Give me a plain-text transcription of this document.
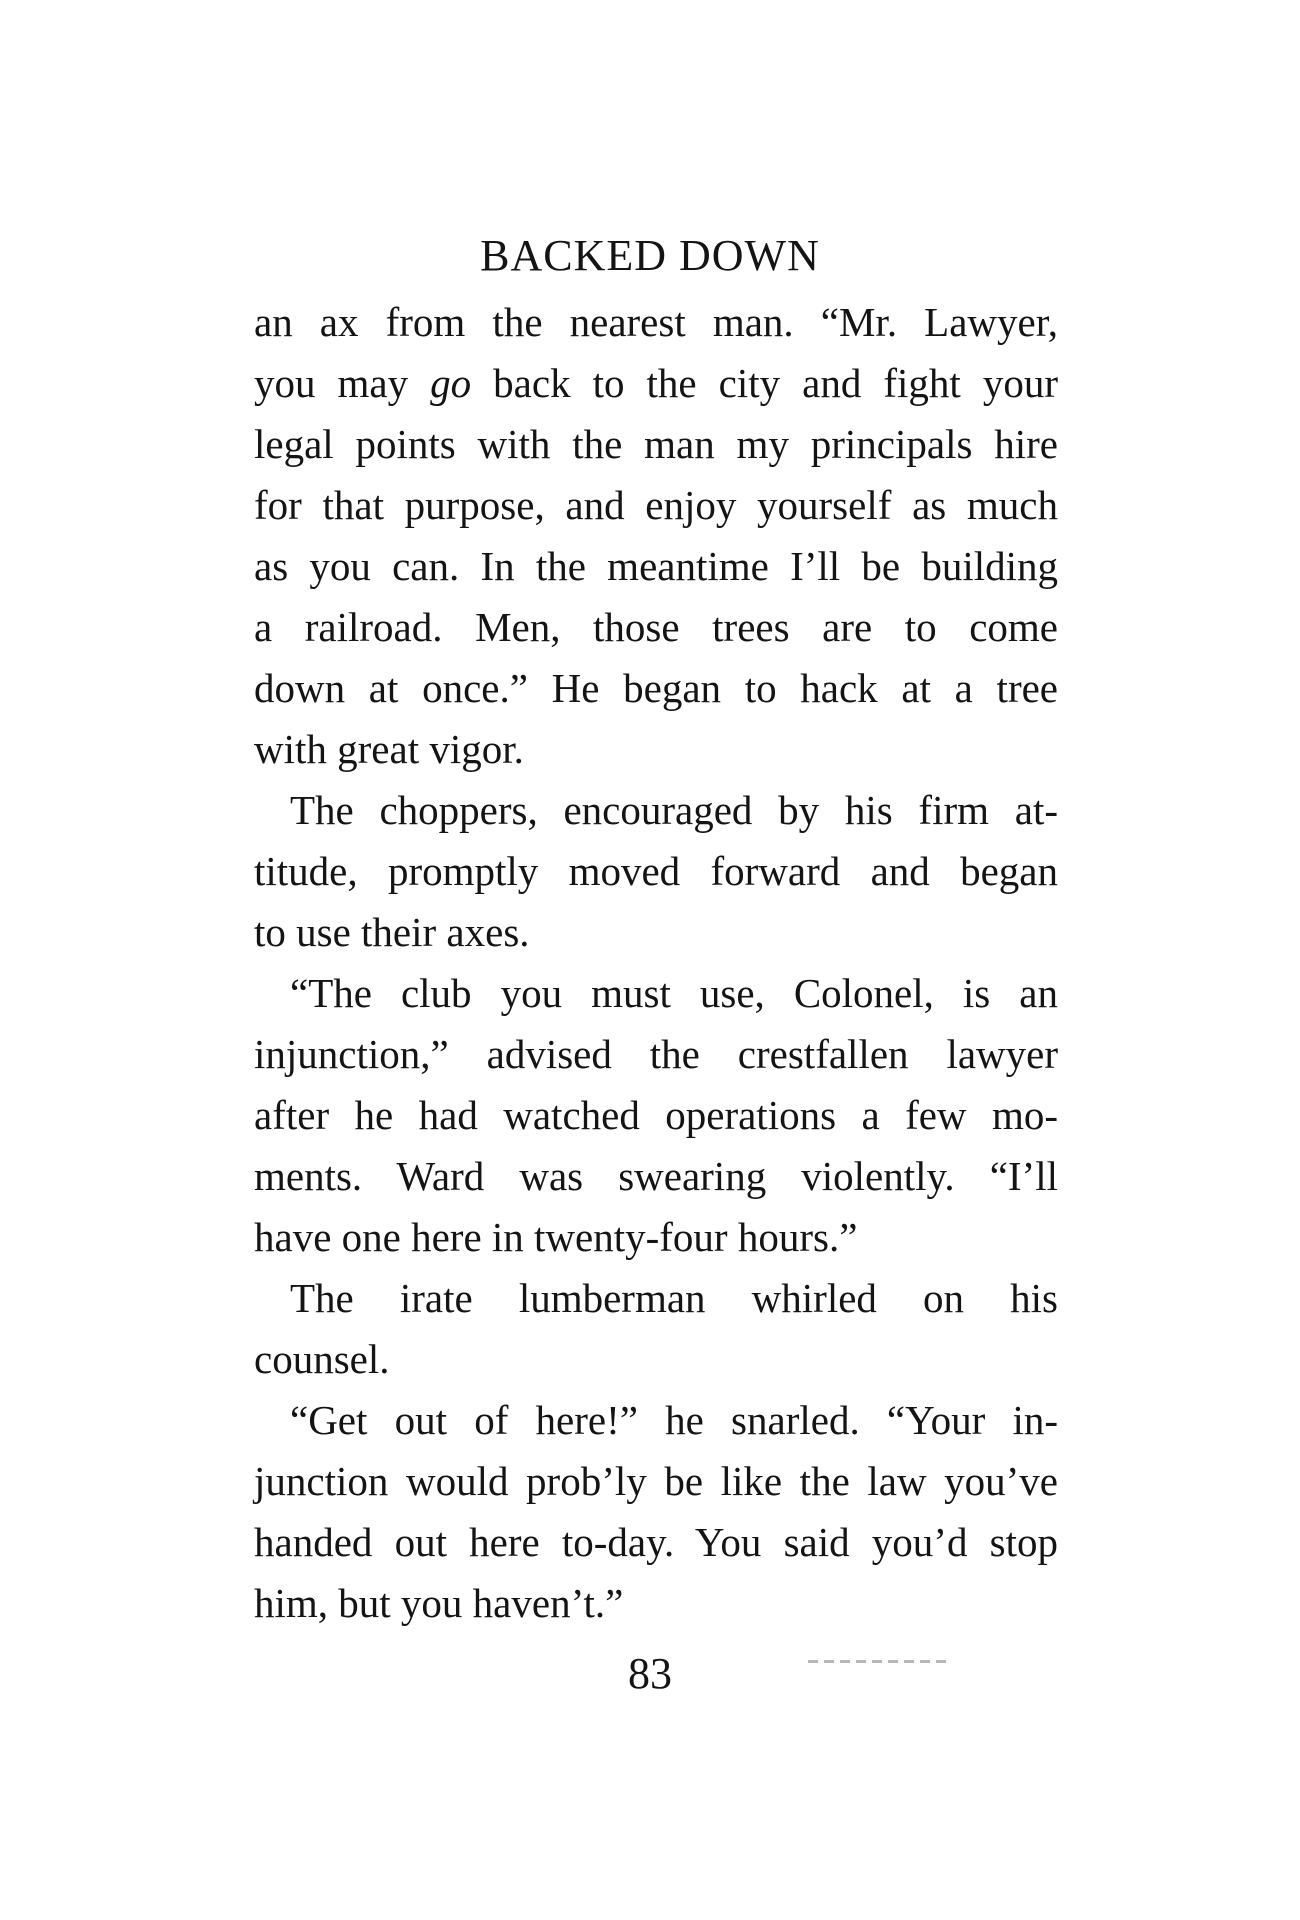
BACKED DOWN
an ax from the nearest man. “Mr. Lawyer,
you may go back to the city and fight your
legal points with the man my principals hire
for that purpose, and enjoy yourself as much
as you can. In the meantime I’ll be building
a railroad. Men, those trees are to come
down at once.” He began to hack at a tree
with great vigor.
The choppers, encouraged by his firm at-
titude, promptly moved forward and began
to use their axes.
“The club you must use, Colonel, is an
injunction,” advised the crestfallen lawyer
after he had watched operations a few mo-
ments. Ward was swearing violently. “I’ll
have one here in twenty-four hours.”
The irate lumberman whirled on his
counsel.
“Get out of here!” he snarled. “Your in-
junction would prob’ly be like the law you’ve
handed out here to-day. You said you’d stop
him, but you haven’t.”
83
